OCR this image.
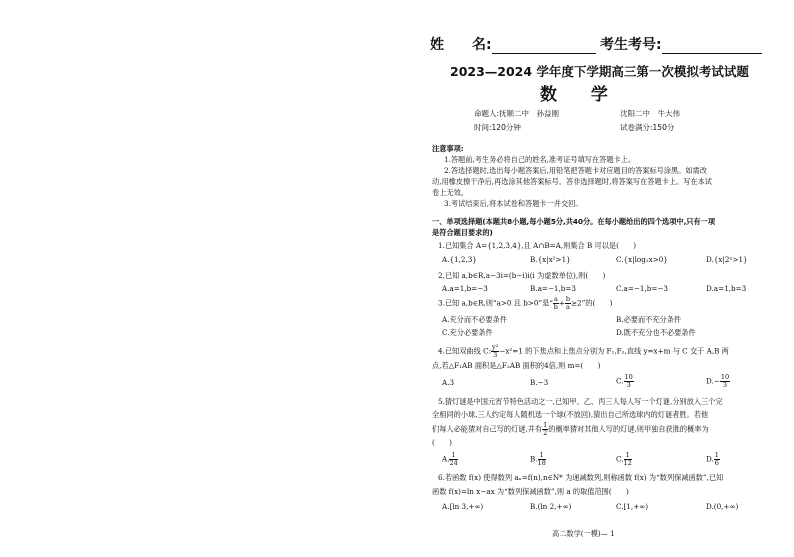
姓　　名:	考生考号:
2023—2024 学年度下学期高三第一次模拟考试试题
数 学
命题人:抚顺二中　孙益刚	沈阳二中　牛大伟
时间:120分钟	试卷满分:150分
注意事项:
1.答题前,考生务必将自己的姓名,准考证号填写在答题卡上。
2.答选择题时,选出每小题答案后,用铅笔把答题卡对应题目的答案标号涂黑。如需改
动,用橡皮擦干净后,再选涂其他答案标号。答非选择题时,将答案写在答题卡上。写在本试
卷上无效。
3.考试结束后,将本试卷和答题卡一并交回。
一、单项选择题(本题共8小题,每小题5分,共40分。在每小题给出的四个选项中,只有一项
是符合题目要求的)
1.已知集合 A={1,2,3,4},且 A∩B=A,则集合 B 可以是(　　)
A.{1,2,3}	B.{x|x²>1}	C.{x|log₂x>0}	D.{x|2ˣ>1}
2.已知 a,b∈R,a−3i=(b−i)i(i 为虚数单位),则(　　)
A.a=1,b=−3	B.a=−1,b=3	C.a=−1,b=−3	D.a=1,b=3
3.已知 a,b∈R,则“a>0 且 b>0”是“ $\frac{a}{b} + \frac{b}{a} \ge 2$”的(　　)
A.充分而不必要条件	B.必要而不充分条件
C.充分必要条件	D.既不充分也不必要条件
4.已知双曲线 C: $\frac{\text{y²}}{3} -x^2=1$ 的下焦点和上焦点分别为 F₁,F₂,直线 y=x+m 与 C 交于 A,B 两
点,若△F₁AB 面积是△F₂AB 面积的4倍,则 m=(　　)
A.3	B.−3	C. $\frac{10}{3}$	$D.- \frac{10}{3}$
5.猜灯谜是中国元宵节特色活动之一,已知甲、乙、丙三人每人写一个灯谜,分别放入三个完
全相同的小球,三人约定每人随机选一个球(不放回),猜出自己所选球内的灯谜者胜。若他
们每人必能猜对自己写的灯谜,并有 $\frac{1}{2}$ 的概率猜对其他人写的灯谜,则甲独自获胜的概率为
(　　)
A. $\frac{1}{24}$	B. $\frac{1}{18}$	C. $\frac{1}{12}$	D. $\frac{1}{6}$
6.若函数 f(x) 使得数列 aₙ=f(n),n∈N* 为递减数列,则称函数 f(x) 为“数列保减函数”,已知
函数 f(x)=ln x−ax 为“数列保减函数”,则 a 的取值范围(　　)
A.[ln 3,+∞)	B.(ln 2,+∞)	C.[1,+∞)	D.(0,+∞)
高二数学(一模)— 1
